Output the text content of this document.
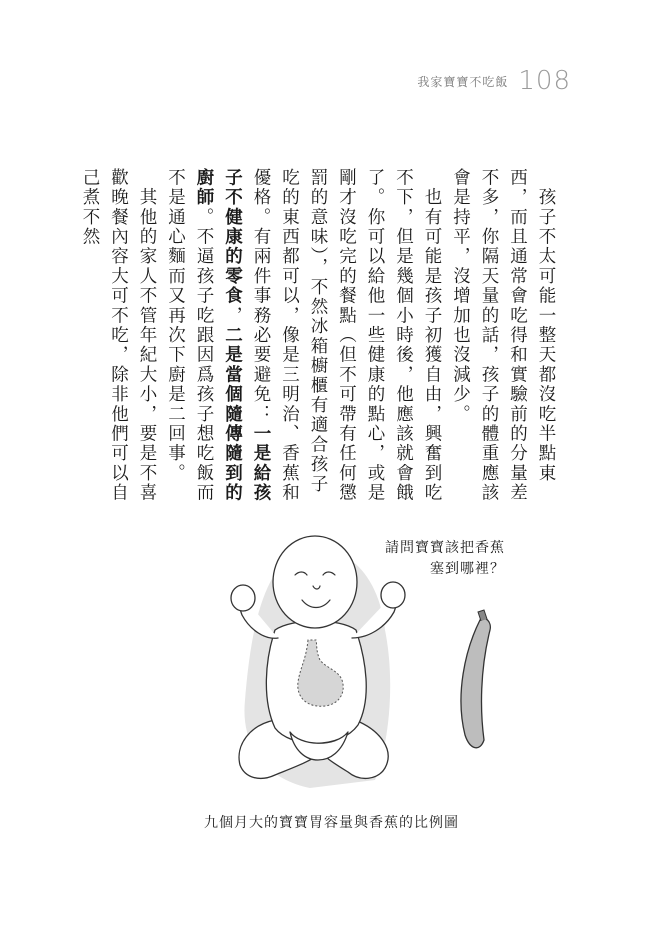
我家寶寶不吃飯 108

　孩子不太可能一整天都沒吃半點東西，而且通常會吃得和實驗前的分量差不多，你隔天量的話，孩子的體重應該會是持平，沒增加也沒減少。

　也有可能是孩子初獲自由，興奮到吃不下，但是幾個小時後，他應該就會餓了。你可以給他一些健康的點心，或是剛才沒吃完的餐點（但不可帶有任何懲罰的意味），不然冰箱櫥櫃有適合孩子吃的東西都可以，像是三明治、香蕉和優格。有兩件事務必要避免：一是給孩子不健康的零食，二是當個隨傳隨到的廚師。不逼孩子吃跟因爲孩子想吃飯而不是通心麵而又再次下廚是二回事。

　其他的家人不管年紀大小，要是不喜歡晚餐內容大可不吃，除非他們可以自己煮不然

請問寶寶該把香蕉
塞到哪裡？
九個月大的寶寶胃容量與香蕉的比例圖
